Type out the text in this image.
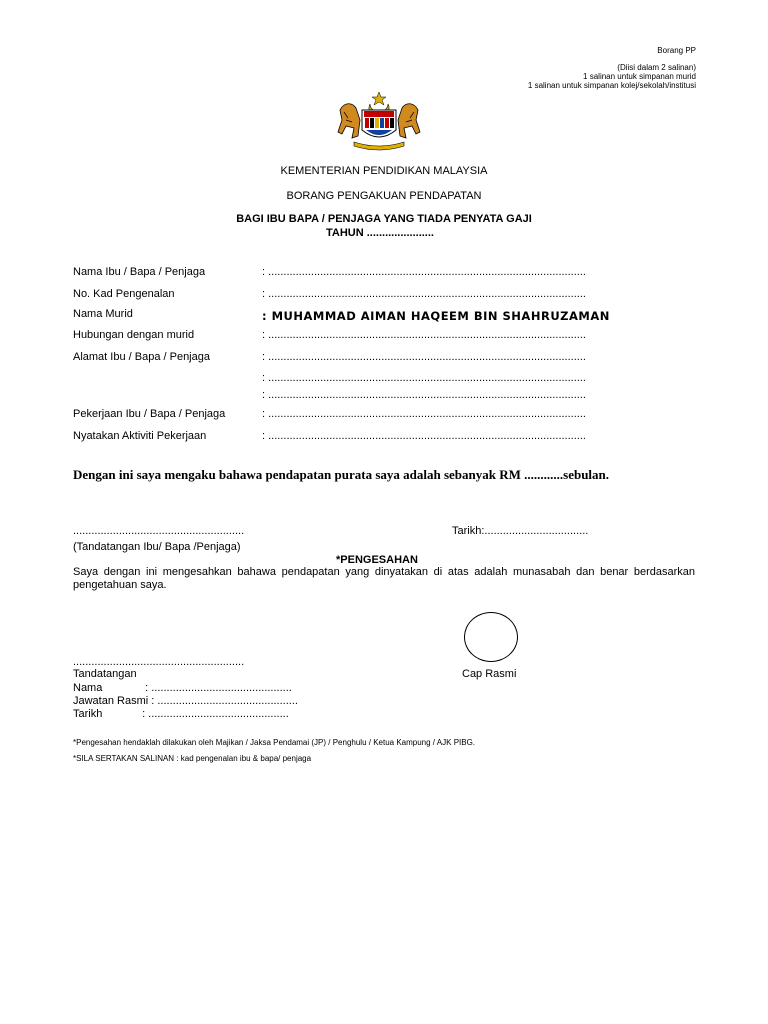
Borang PP
(Diisi dalam 2 salinan)
1 salinan untuk simpanan murid
1 salinan untuk simpanan kolej/sekolah/institusi
KEMENTERIAN PENDIDIKAN MALAYSIA
BORANG PENGAKUAN PENDAPATAN
BAGI IBU BAPA / PENJAGA YANG TIADA PENYATA GAJI
TAHUN ......................
Nama Ibu / Bapa / Penjaga	: ........................................................................................................
No. Kad Pengenalan	: ........................................................................................................
Nama Murid	: MUHAMMAD AIMAN HAQEEM BIN SHAHRUZAMAN
Hubungan dengan murid	: ........................................................................................................
Alamat Ibu / Bapa / Penjaga	: ........................................................................................................
: ........................................................................................................
: ........................................................................................................
Pekerjaan Ibu / Bapa / Penjaga	: ........................................................................................................
Nyatakan Aktiviti Pekerjaan	: ........................................................................................................
Dengan ini saya mengaku bahawa pendapatan purata saya adalah sebanyak RM ............sebulan.
........................................................	Tarikh:..................................
(Tandatangan Ibu/ Bapa /Penjaga)
*PENGESAHAN
Saya dengan ini mengesahkan bahawa pendapatan yang dinyatakan di atas adalah munasabah dan benar berdasarkan pengetahuan saya.
........................................................
Tandatangan	Cap Rasmi
Nama              : ..............................................
Jawatan Rasmi : ..............................................
Tarikh             : ..............................................
*Pengesahan hendaklah dilakukan oleh Majikan / Jaksa Pendamai (JP) / Penghulu / Ketua Kampung / AJK PIBG.
*SILA SERTAKAN SALINAN : kad pengenalan ibu & bapa/ penjaga
